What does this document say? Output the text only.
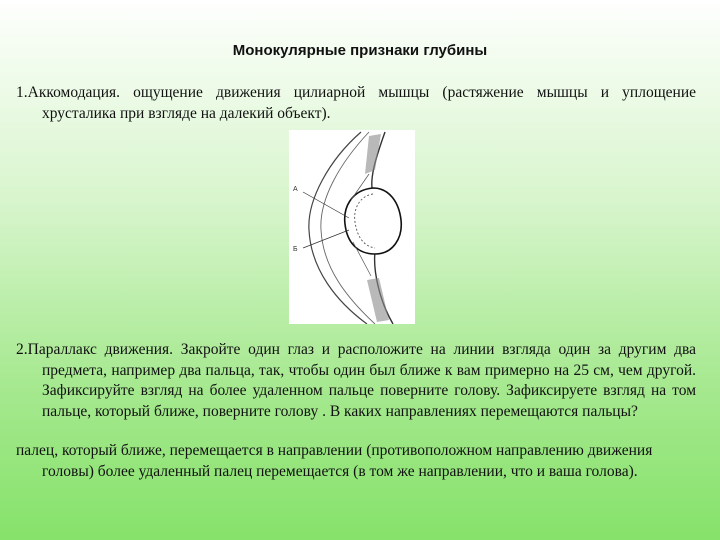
Монокулярные признаки глубины

1.Аккомодация. ощущение движения цилиарной мышцы (растяжение мышцы и уплощение хрусталика при взгляде на далекий объект).

А
Б

2.Параллакс движения. Закройте один глаз и расположите на линии взгляда один за другим два предмета, например два пальца, так, чтобы один был ближе к вам примерно на 25 см, чем другой. Зафиксируйте взгляд на более удаленном пальце поверните голову. Зафиксируете взгляд на том пальце, который ближе, поверните голову . В каких направлениях перемещаются пальцы?

палец, который ближе, перемещается в направлении (противоположном направлению движения головы) более удаленный палец перемещается (в том же направлении, что и ваша голова).
